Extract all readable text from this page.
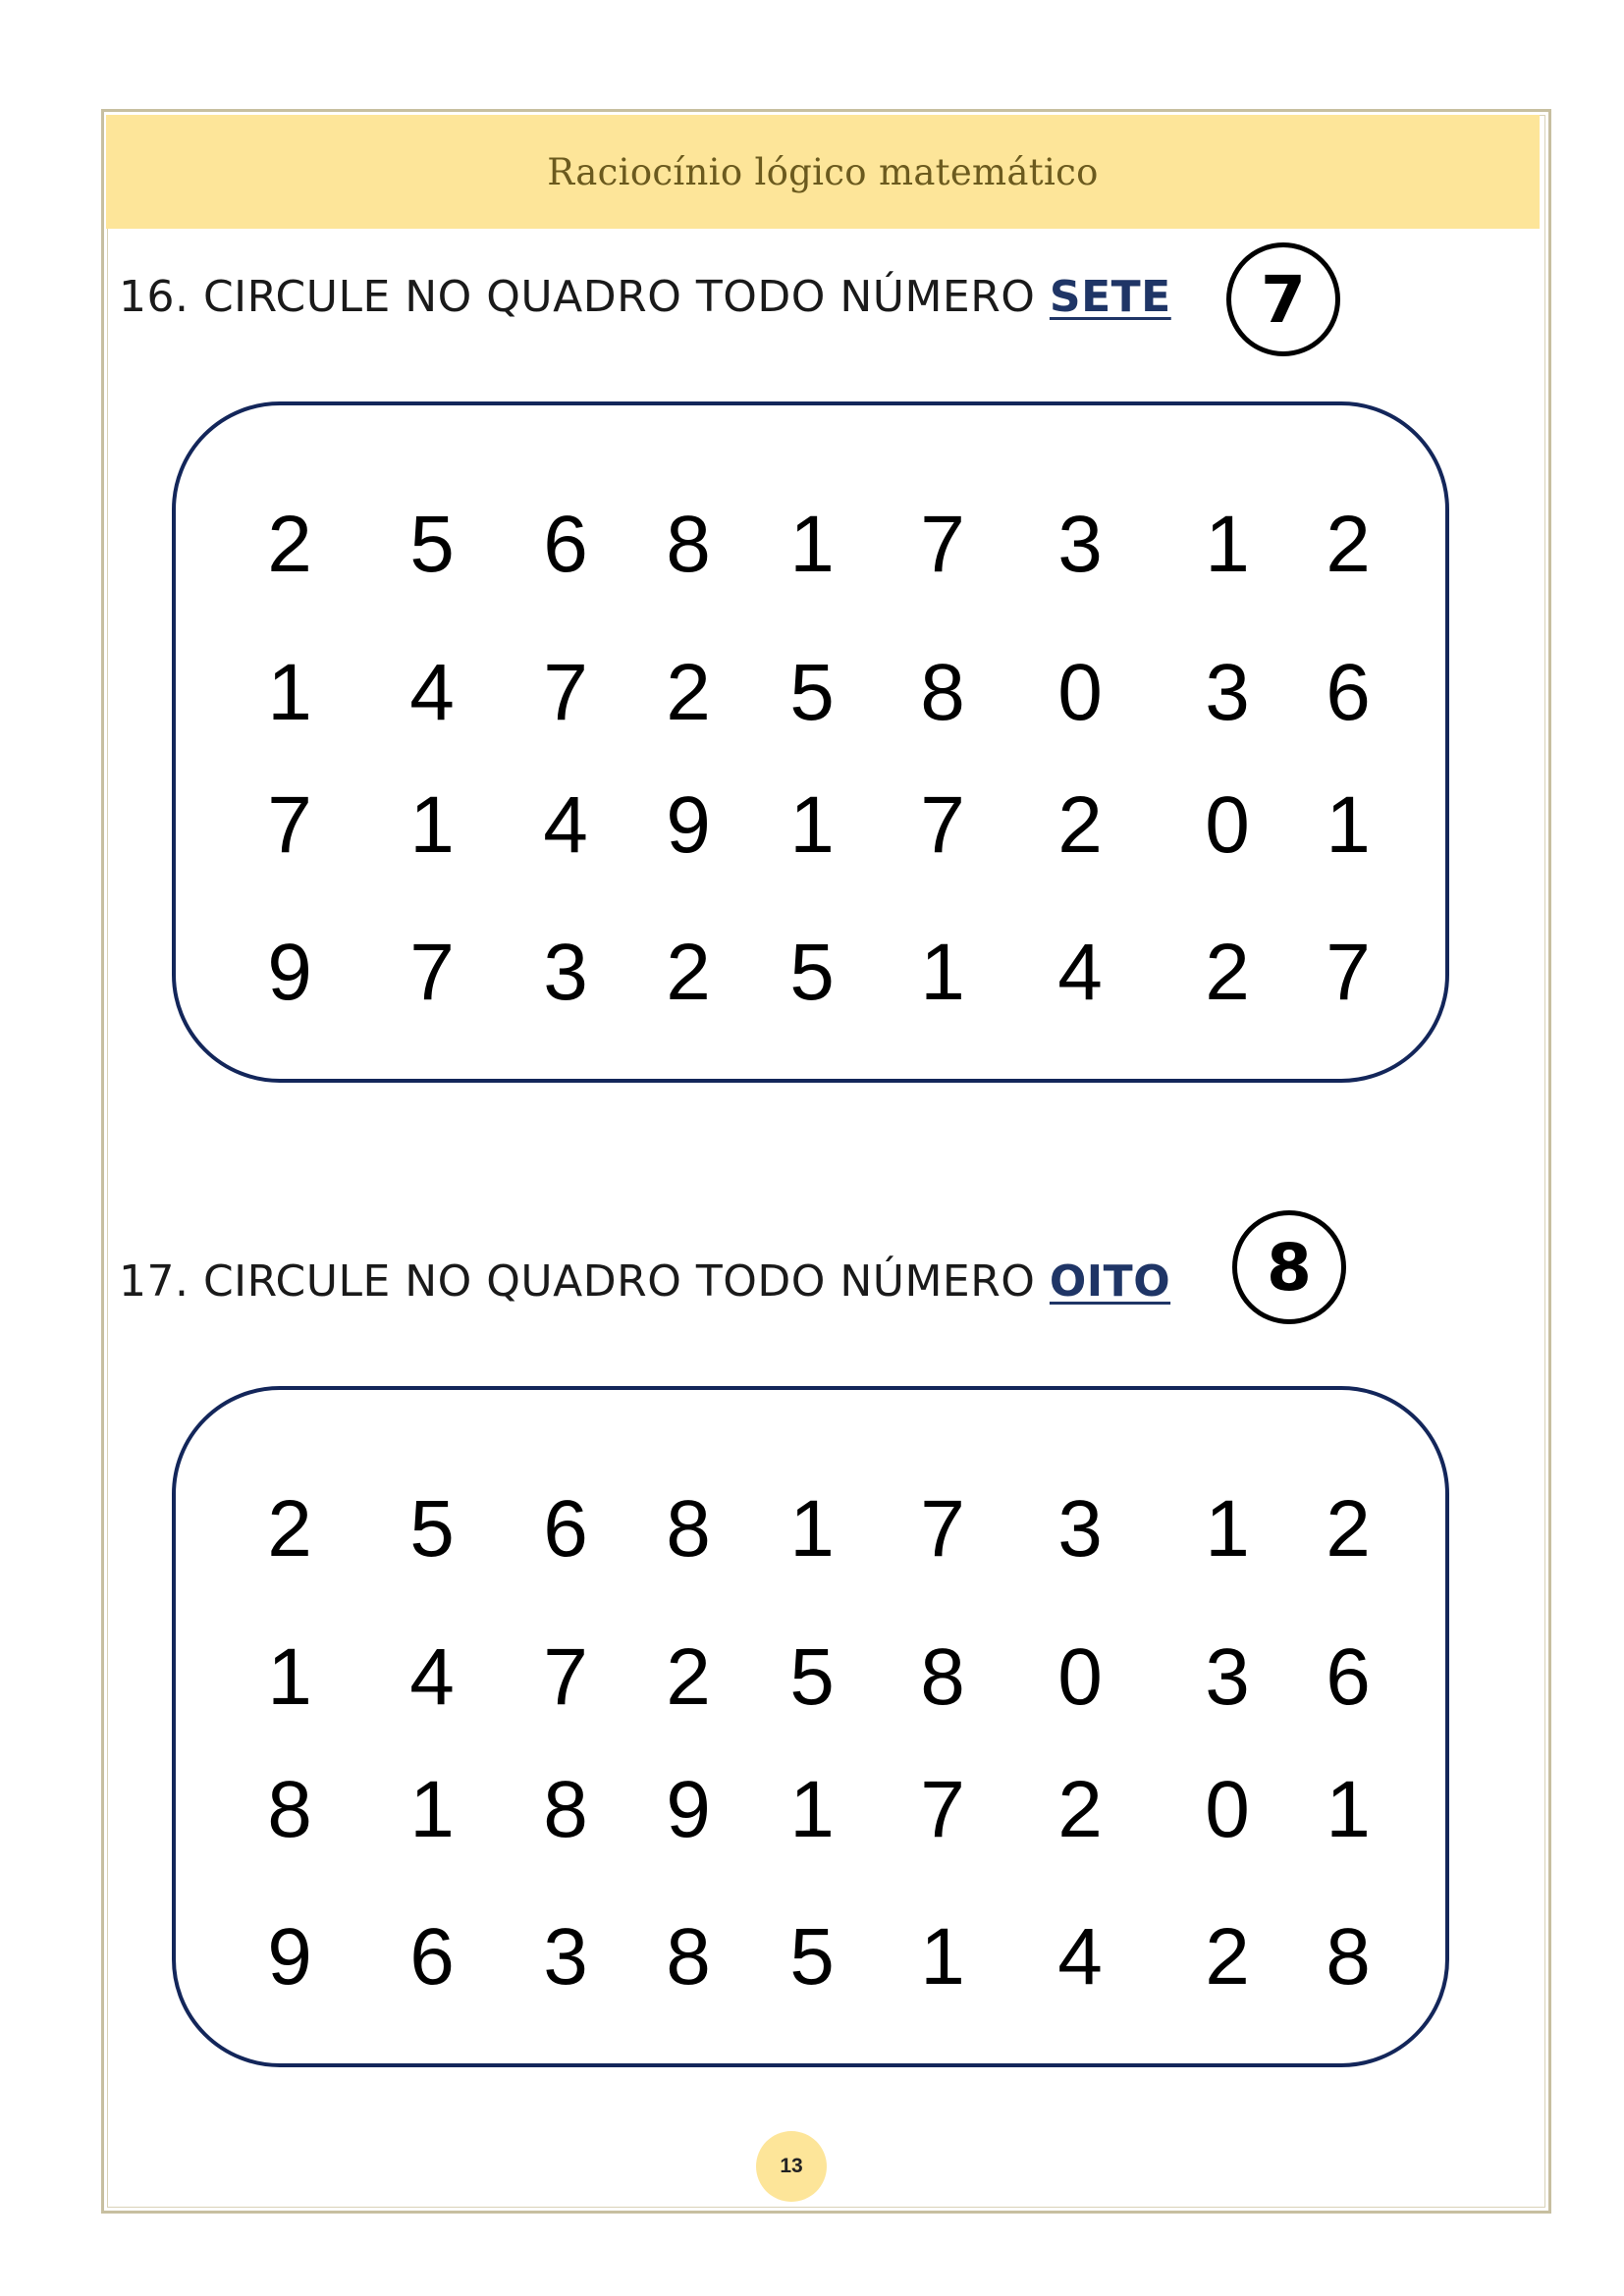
Raciocínio lógico matemático
16. CIRCULE NO QUADRO TODO NÚMERO SETE 7
2 5 6 8 1 7 3 1 2
1 4 7 2 5 8 0 3 6
7 1 4 9 1 7 2 0 1
9 7 3 2 5 1 4 2 7
17. CIRCULE NO QUADRO TODO NÚMERO OITO 8
2 5 6 8 1 7 3 1 2
1 4 7 2 5 8 0 3 6
8 1 8 9 1 7 2 0 1
9 6 3 8 5 1 4 2 8
13
